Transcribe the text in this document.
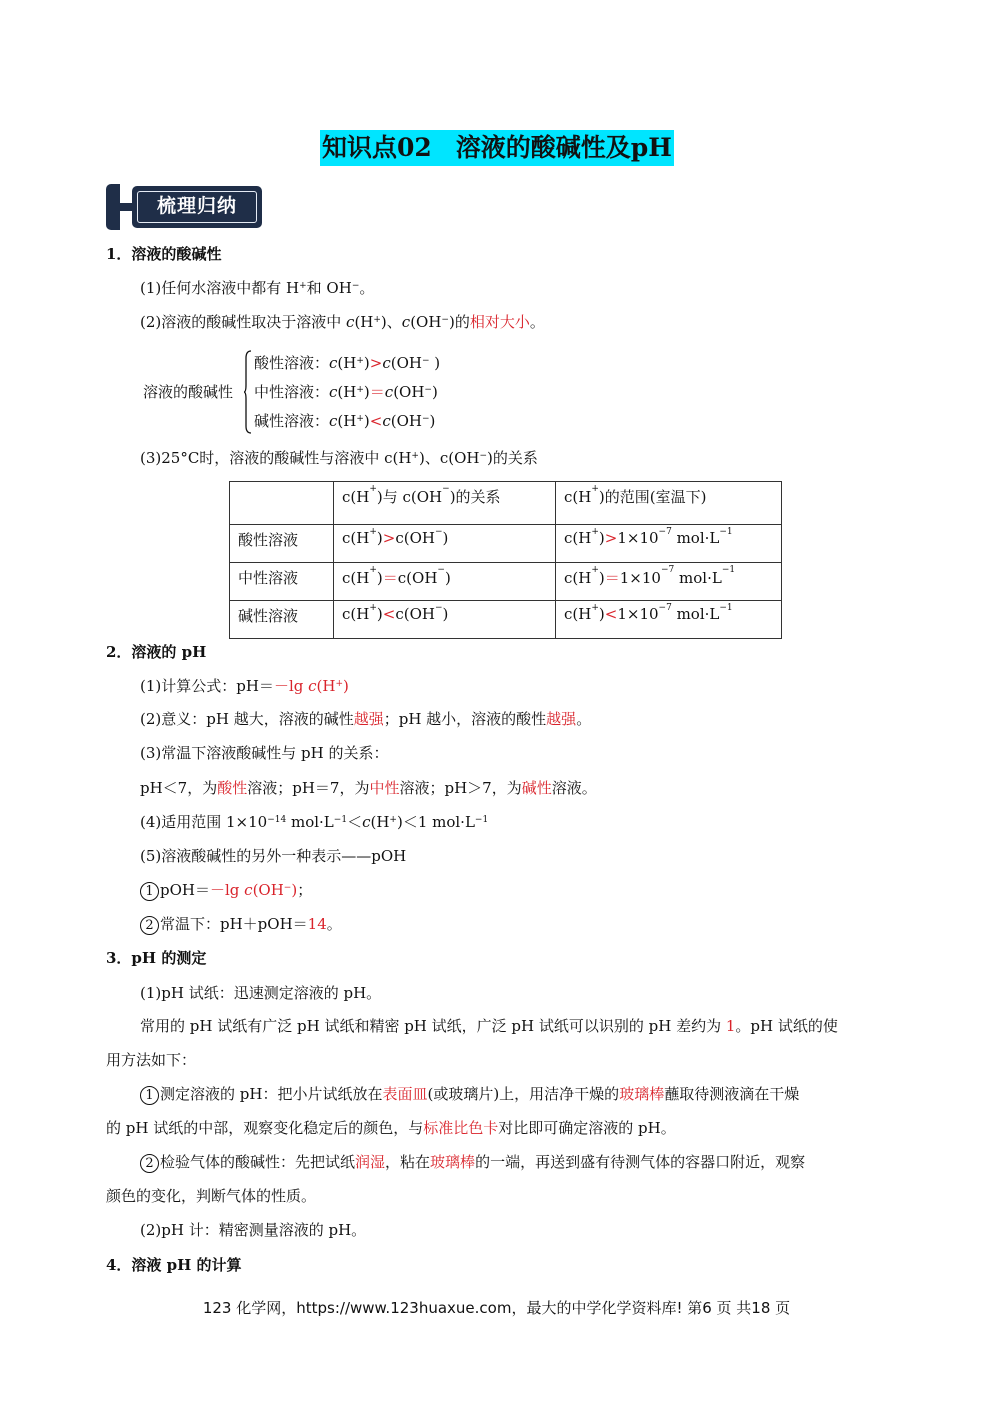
知识点02 溶液的酸碱性及pH
梳理归纳
1．溶液的酸碱性
(1)任何水溶液中都有 H+和 OH−。
(2)溶液的酸碱性取决于溶液中 c(H+)、c(OH−)的相对大小。
溶液的酸碱性
酸性溶液：c(H+)>c(OH− )
中性溶液：c(H+)＝c(OH−)
碱性溶液：c(H+)<c(OH−)
(3)25°C时，溶液的酸碱性与溶液中 c(H+)、c(OH−)的关系
	c(H+)与 c(OH−)的关系	c(H+)的范围(室温下)
酸性溶液	c(H+)>c(OH−)	$c(H^+)>1\times 10^{-7}$ $mol\cdot L^{-1}$
中性溶液	c(H+)＝c(OH−)	$c(H^+)=1\times 10^{-7}$ $mol\cdot L^{-1}$
碱性溶液	c(H+)<c(OH−)	$c(H^+)<1\times 10^{-7}$ $mol\cdot L^{-1}$
2．溶液的 pH
(1)计算公式：pH＝－lg c(H+)
(2)意义：pH 越大，溶液的碱性越强；pH 越小，溶液的酸性越强。
(3)常温下溶液酸碱性与 pH 的关系：
pH＜7，为酸性溶液；pH＝7，为中性溶液；pH＞7，为碱性溶液。
(4)适用范围 $1\times 10^{-14}$ $mol\cdot L^{-1}<c(H^+)<1$ $mol\cdot L^{-1}$
(5)溶液酸碱性的另外一种表示——pOH
1 pOH＝－lg c(OH−)；
2 常温下：pH＋pOH＝14。
3．pH 的测定
(1)pH 试纸：迅速测定溶液的 pH。
常用的 pH 试纸有广泛 pH 试纸和精密 pH 试纸，广泛 pH 试纸可以识别的 pH 差约为 1。pH 试纸的使
用方法如下：
1 测定溶液的 pH：把小片试纸放在表面皿(或玻璃片)上，用洁净干燥的玻璃棒蘸取待测液滴在干燥
的 pH 试纸的中部，观察变化稳定后的颜色，与标准比色卡对比即可确定溶液的 pH。
2 检验气体的酸碱性：先把试纸润湿，粘在玻璃棒的一端，再送到盛有待测气体的容器口附近，观察
颜色的变化，判断气体的性质。
(2)pH 计：精密测量溶液的 pH。
4．溶液 pH 的计算
123 化学网，https://www.123huaxue.com，最大的中学化学资料库! 第6 页 共18 页
